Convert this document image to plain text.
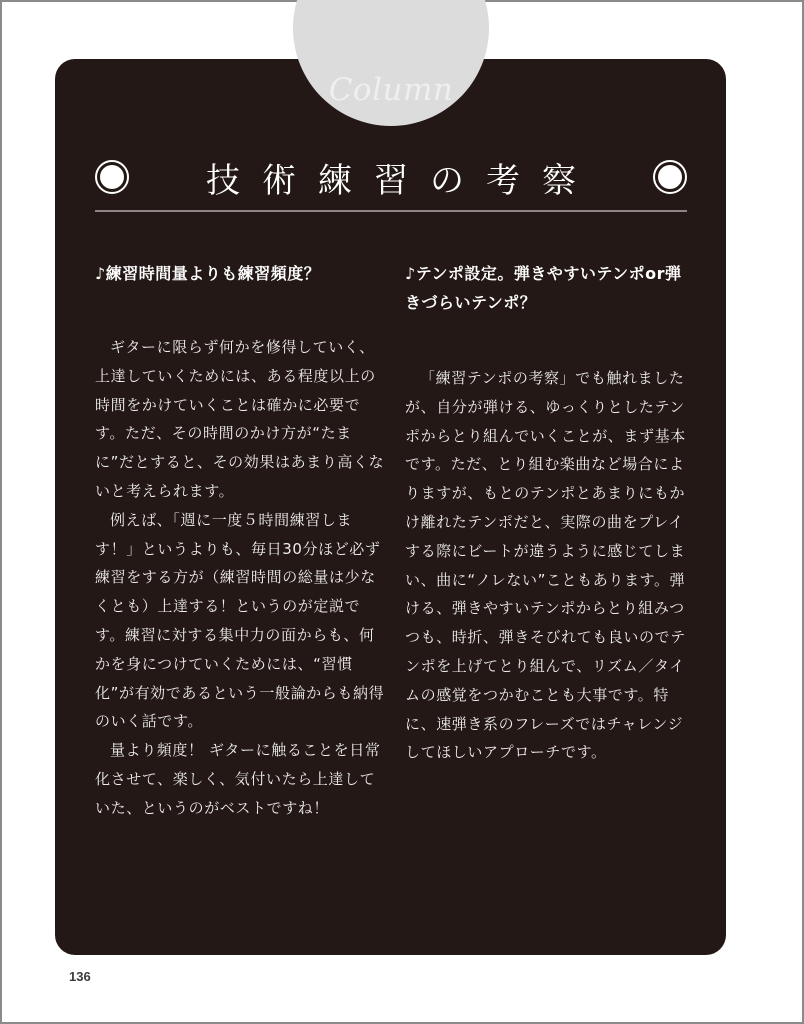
Column
技術練習の考察
♪練習時間量よりも練習頻度？

ギターに限らず何かを修得していく、上達していくためには、ある程度以上の時間をかけていくことは確かに必要です。ただ、その時間のかけ方が“たまに”だとすると、その効果はあまり高くないと考えられます。

例えば、「週に一度５時間練習します！」というよりも、毎日30分ほど必ず練習をする方が（練習時間の総量は少なくとも）上達する！というのが定説です。練習に対する集中力の面からも、何かを身につけていくためには、“習慣化”が有効であるという一般論からも納得のいく話です。

量より頻度！ ギターに触ることを日常化させて、楽しく、気付いたら上達していた、というのがベストですね！

♪テンポ設定。弾きやすいテンポor弾きづらいテンポ？

「練習テンポの考察」でも触れましたが、自分が弾ける、ゆっくりとしたテンポからとり組んでいくことが、まず基本です。ただ、とり組む楽曲など場合によりますが、もとのテンポとあまりにもかけ離れたテンポだと、実際の曲をプレイする際にビートが違うように感じてしまい、曲に“ノレない”こともあります。弾ける、弾きやすいテンポからとり組みつつも、時折、弾きそびれても良いのでテンポを上げてとり組んで、リズム／タイムの感覚をつかむことも大事です。特に、速弾き系のフレーズではチャレンジしてほしいアプローチです。

136
